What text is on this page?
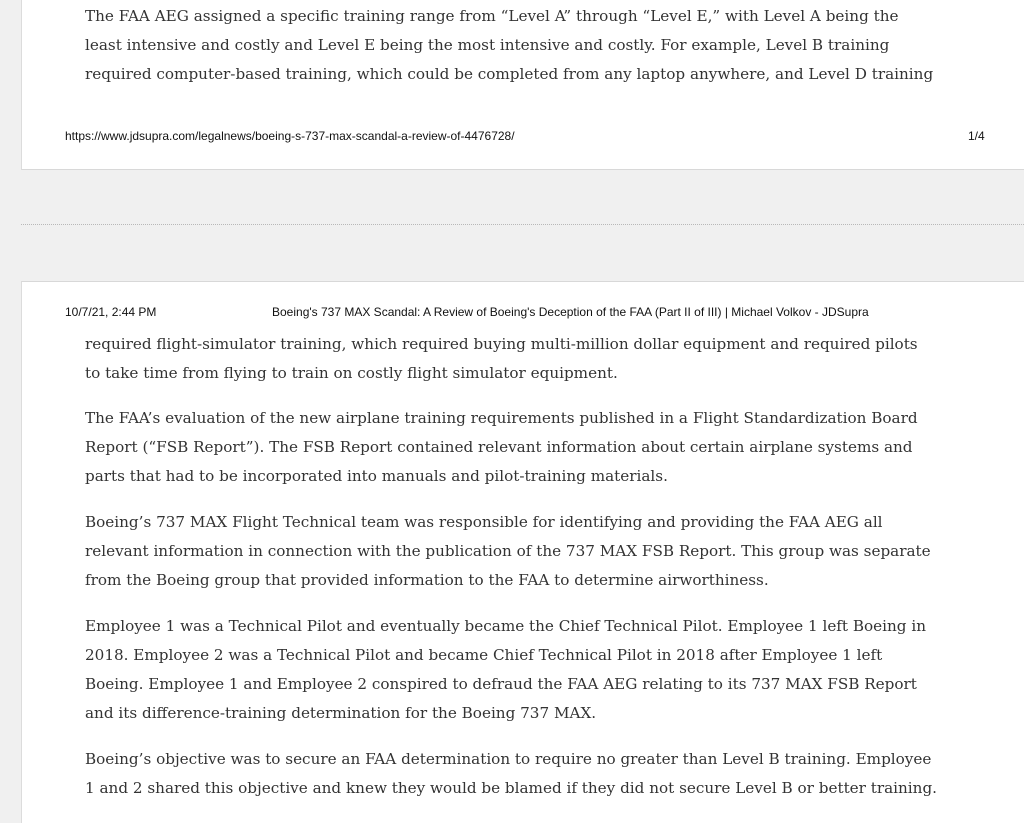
The FAA AEG assigned a specific training range from “Level A” through “Level E,” with Level A being the
least intensive and costly and Level E being the most intensive and costly. For example, Level B training
required computer-based training, which could be completed from any laptop anywhere, and Level D training

https://www.jdsupra.com/legalnews/boeing-s-737-max-scandal-a-review-of-4476728/	1/4
10/7/21, 2:44 PM	Boeing's 737 MAX Scandal: A Review of Boeing's Deception of the FAA (Part II of III) | Michael Volkov - JDSupra

required flight-simulator training, which required buying multi-million dollar equipment and required pilots
to take time from flying to train on costly flight simulator equipment.

The FAA’s evaluation of the new airplane training requirements published in a Flight Standardization Board
Report (“FSB Report”). The FSB Report contained relevant information about certain airplane systems and
parts that had to be incorporated into manuals and pilot-training materials.

Boeing’s 737 MAX Flight Technical team was responsible for identifying and providing the FAA AEG all
relevant information in connection with the publication of the 737 MAX FSB Report. This group was separate
from the Boeing group that provided information to the FAA to determine airworthiness.

Employee 1 was a Technical Pilot and eventually became the Chief Technical Pilot. Employee 1 left Boeing in
2018. Employee 2 was a Technical Pilot and became Chief Technical Pilot in 2018 after Employee 1 left
Boeing. Employee 1 and Employee 2 conspired to defraud the FAA AEG relating to its 737 MAX FSB Report
and its difference-training determination for the Boeing 737 MAX.

Boeing’s objective was to secure an FAA determination to require no greater than Level B training. Employee
1 and 2 shared this objective and knew they would be blamed if they did not secure Level B or better training.
